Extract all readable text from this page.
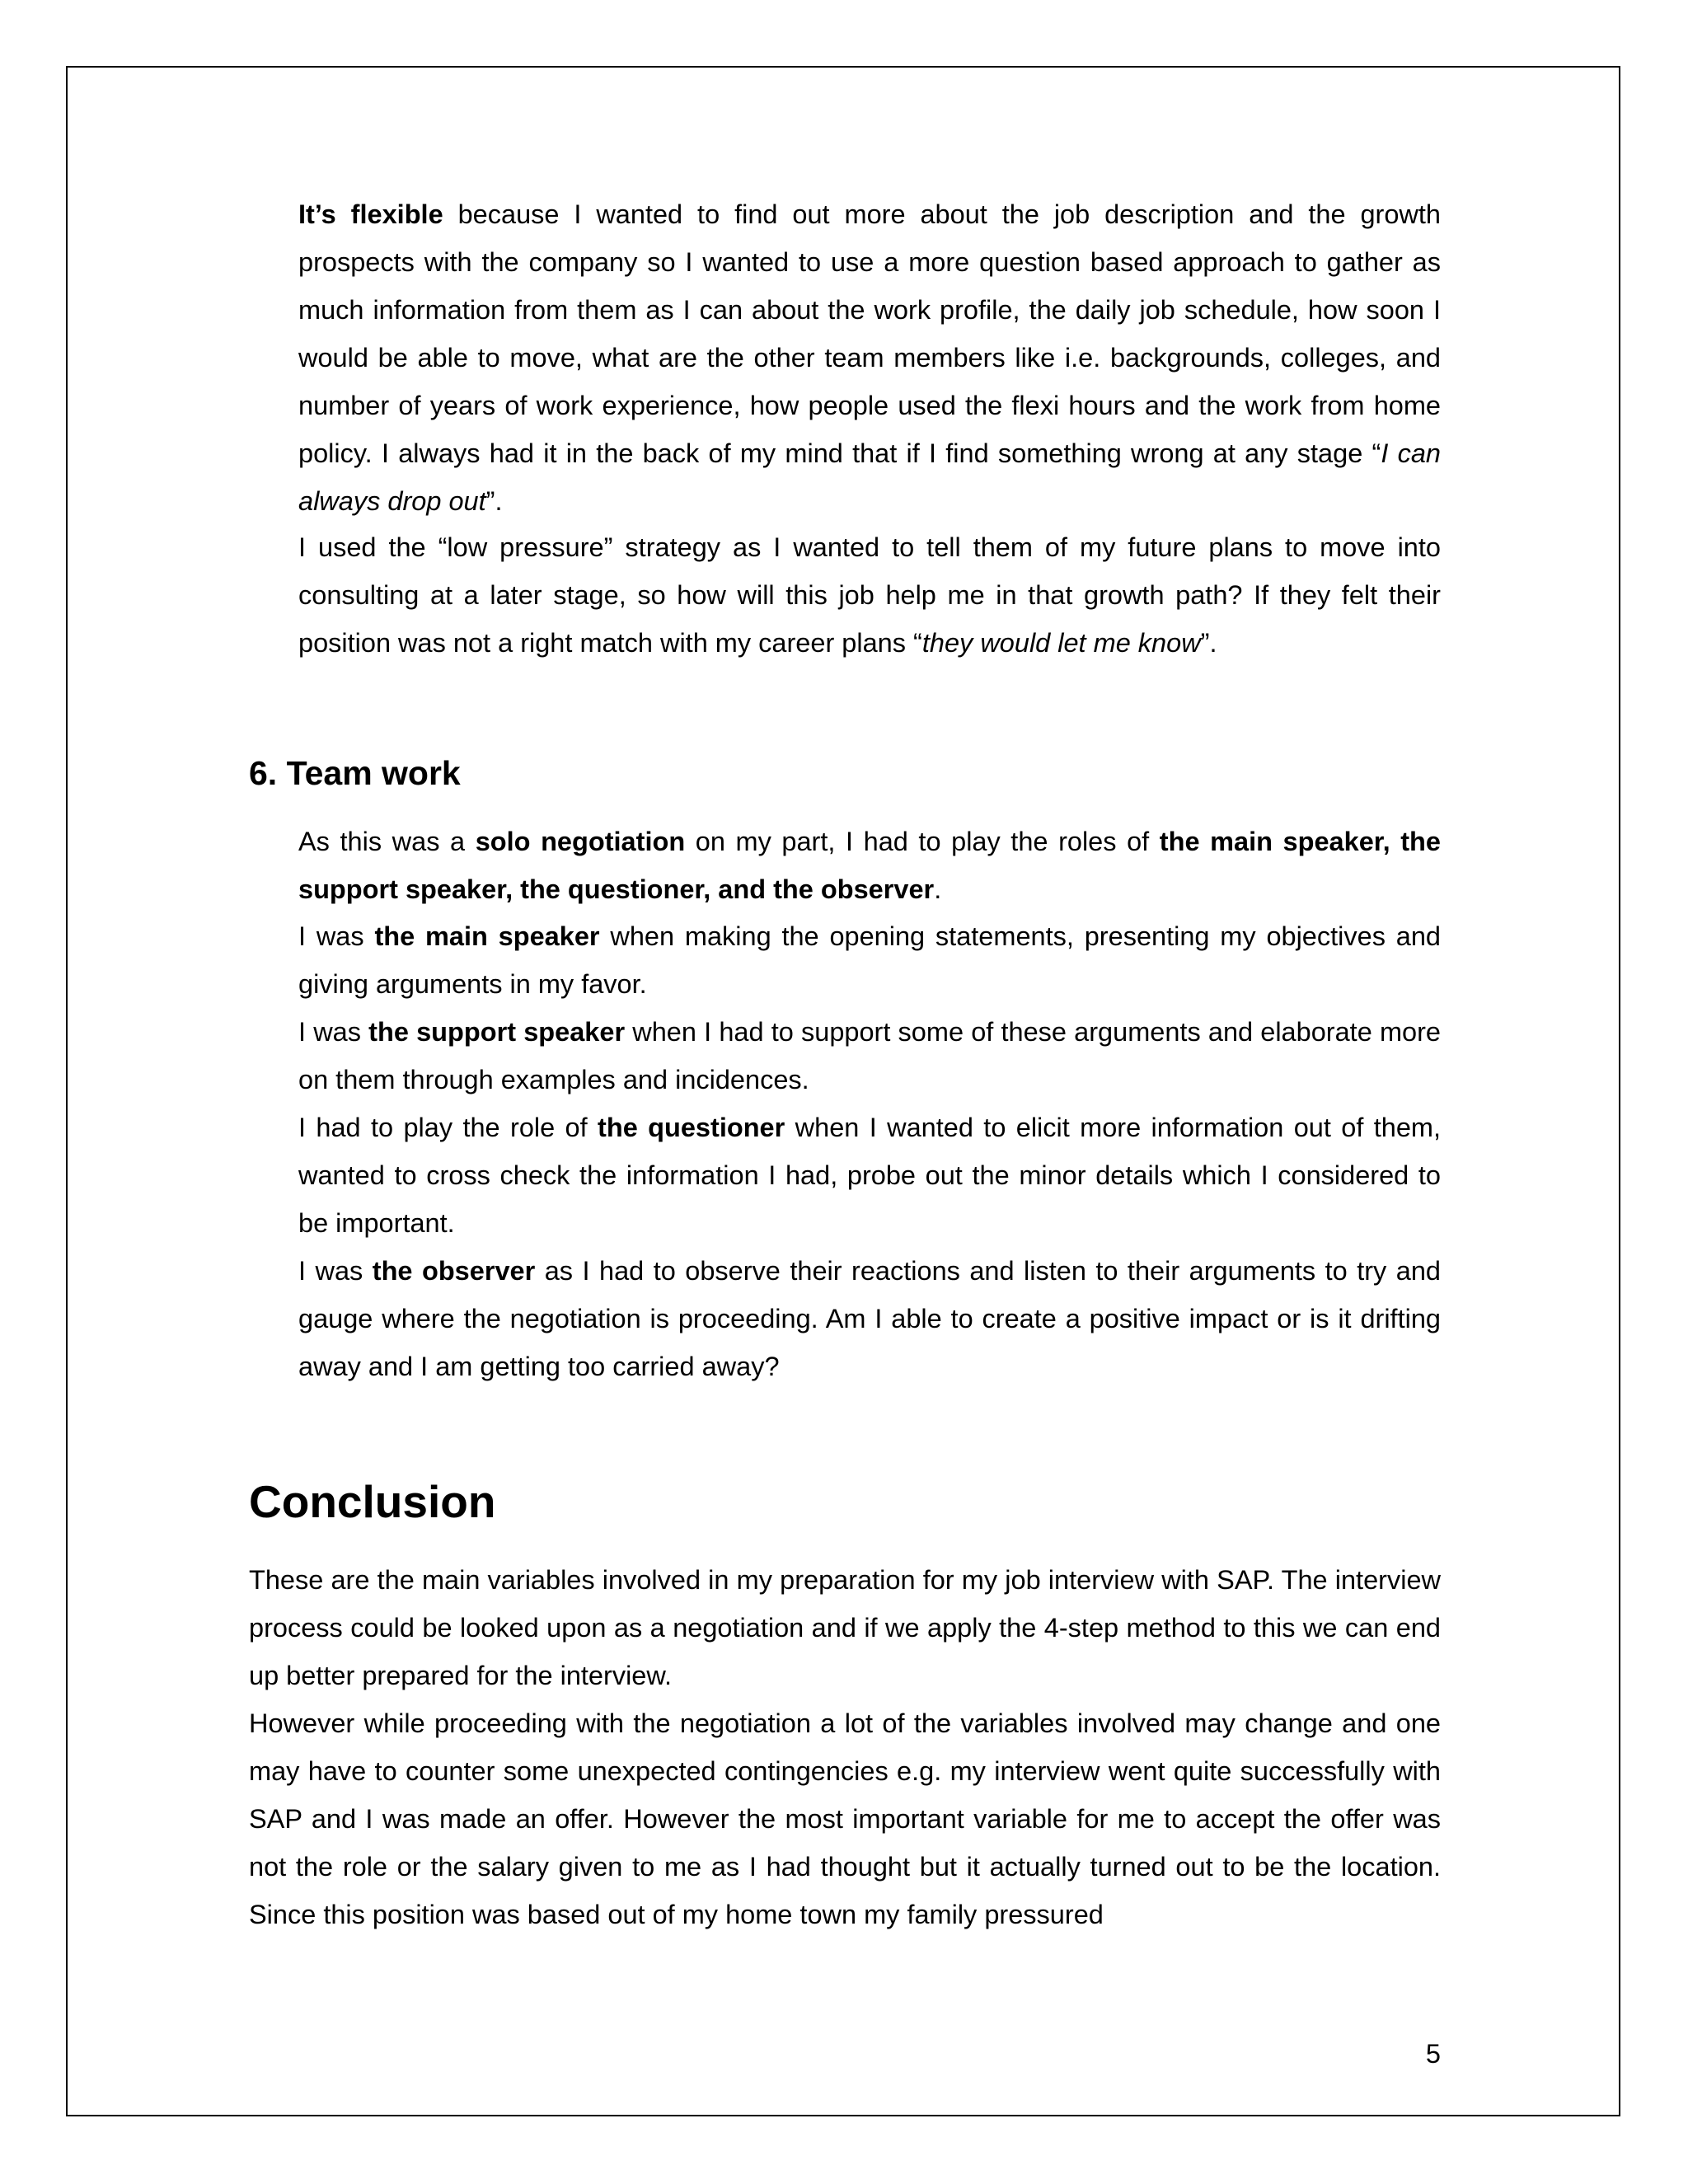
It’s flexible because I wanted to find out more about the job description and the growth prospects with the company so I wanted to use a more question based approach to gather as much information from them as I can about the work profile, the daily job schedule, how soon I would be able to move, what are the other team members like i.e. backgrounds, colleges, and number of years of work experience, how people used the flexi hours and the work from home policy. I always had it in the back of my mind that if I find something wrong at any stage “I can always drop out”.

I used the “low pressure” strategy as I wanted to tell them of my future plans to move into consulting at a later stage, so how will this job help me in that growth path? If they felt their position was not a right match with my career plans “they would let me know”.

6. Team work

As this was a solo negotiation on my part, I had to play the roles of the main speaker, the support speaker, the questioner, and the observer.

I was the main speaker when making the opening statements, presenting my objectives and giving arguments in my favor.

I was the support speaker when I had to support some of these arguments and elaborate more on them through examples and incidences.

I had to play the role of the questioner when I wanted to elicit more information out of them, wanted to cross check the information I had, probe out the minor details which I considered to be important.

I was the observer as I had to observe their reactions and listen to their arguments to try and gauge where the negotiation is proceeding. Am I able to create a positive impact or is it drifting away and I am getting too carried away?

Conclusion

These are the main variables involved in my preparation for my job interview with SAP. The interview process could be looked upon as a negotiation and if we apply the 4-step method to this we can end up better prepared for the interview.

However while proceeding with the negotiation a lot of the variables involved may change and one may have to counter some unexpected contingencies e.g. my interview went quite successfully with SAP and I was made an offer. However the most important variable for me to accept the offer was not the role or the salary given to me as I had thought but it actually turned out to be the location. Since this position was based out of my home town my family pressured

5
